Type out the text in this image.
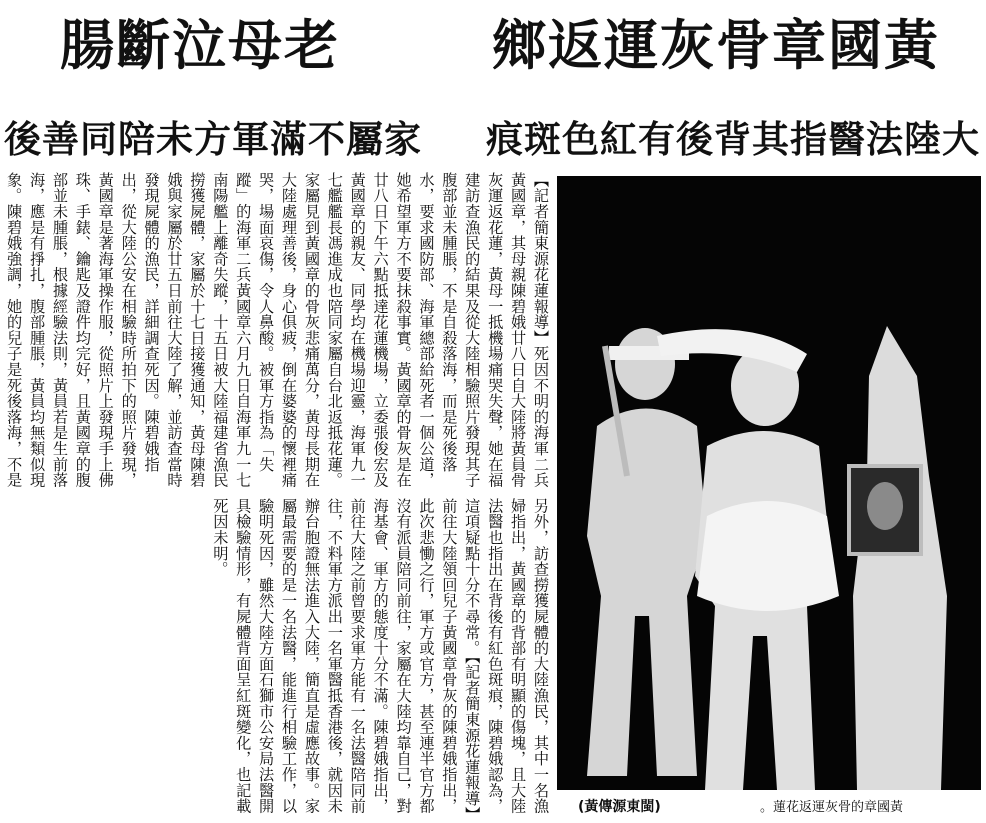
腸斷泣母老	鄉返運灰骨章國黃
後善同陪未方軍滿不屬家 痕斑色紅有後背其指醫法陸大
【記者簡東源花蓮報導】死因不明的海軍二兵黃國章，其母親陳碧娥廿八日自大陸將黃員骨灰運返花蓮，黃母一抵機場痛哭失聲，她在福建訪查漁民的結果及從大陸相驗照片發現其子腹部並未腫脹，不是自殺落海，而是死後落水，要求國防部、海軍總部給死者一個公道，她希望軍方不要抹殺事實。黃國章的骨灰是在廿八日下午六點抵達花蓮機場，立委張俊宏及黃國章的親友、同學均在機場迎靈，海軍九一七艦艦長馮進成也陪同家屬自台北返抵花蓮。家屬見到黃國章的骨灰悲痛萬分，黃母長期在大陸處理善後，身心俱疲，倒在婆婆的懷裡痛哭，場面哀傷，令人鼻酸。被軍方指為「失蹤」的海軍二兵黃國章六月九日自海軍九一七南陽艦上離奇失蹤，十五日被大陸福建省漁民撈獲屍體，家屬於十七日接獲通知，黃母陳碧娥與家屬於廿五日前往大陸了解，並訪查當時發現屍體的漁民，詳細調查死因。陳碧娥指出，從大陸公安在相驗時所拍下的照片發現，黃國章是著海軍操作服，從照片上發現手上佛珠、手錶、鑰匙及證件均完好，且黃國章的腹部並未腫脹，根據經驗法則，黃員若是生前落海，應是有掙扎，腹部腫脹，黃員均無類似現象。陳碧娥強調，她的兒子是死後落海，不是
另外，訪查撈獲屍體的大陸漁民，其中一名漁婦指出，黃國章的背部有明顯的傷塊，且大陸法醫也指出在背後有紅色斑痕，陳碧娥認為，這項疑點十分不尋常。【記者簡東源花蓮報導】前往大陸領回兒子黃國章骨灰的陳碧娥指出，此次悲慟之行，軍方或官方，甚至連半官方都沒有派員陪同前往，家屬在大陸均靠自己，對海基會、軍方的態度十分不滿。陳碧娥指出，前往大陸之前曾要求軍方能有一名法醫陪同前往，不料軍方派出一名軍醫抵香港後，就因未辦台胞證無法進入大陸，簡直是虛應故事。家屬最需要的是一名法醫，能進行相驗工作，以驗明死因，雖然大陸方面石獅市公安局法醫開具檢驗情形，有屍體背面呈紅斑變化，也記載死因未明。
(黃傳源東閩)	。蓮花返運灰骨的章國黃
